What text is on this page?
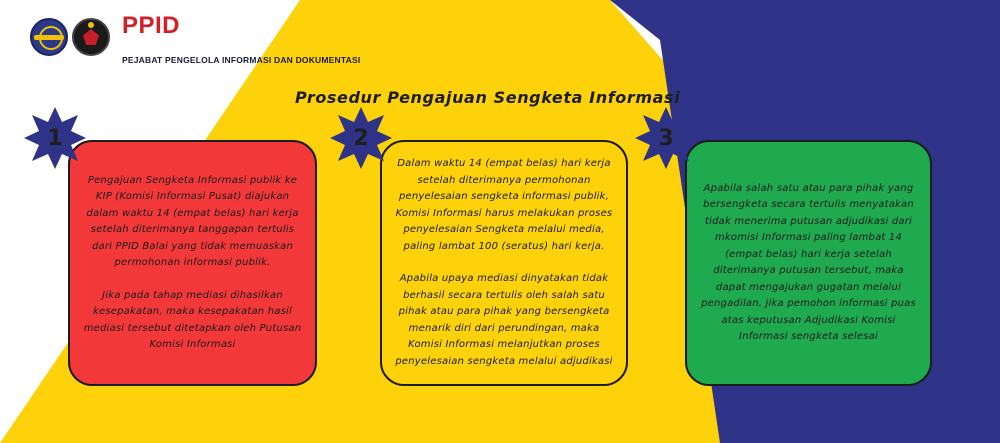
PPID
KANTOR UPP JUWANA
PEJABAT PENGELOLA INFORMASI DAN DOKUMENTASI
Prosedur Pengajuan Sengketa Informasi
Pengajuan Sengketa Informasi publik ke KIP (Komisi Informasi Pusat) diajukan dalam waktu 14 (empat belas) hari kerja setelah diterimanya tanggapan tertulis dari PPID Balai yang tidak memuaskan permohonan informasi publik.
Jika pada tahap mediasi dihasilkan kesepakatan, maka kesepakatan hasil mediasi tersebut ditetapkan oleh Putusan Komisi Informasi
1
Dalam waktu 14 (empat belas) hari kerja setelah diterimanya permohonan penyelesaian sengketa informasi publik, Komisi Informasi harus melakukan proses penyelesaian Sengketa melalui media, paling lambat 100 (seratus) hari kerja.
Apabila upaya mediasi dinyatakan tidak berhasil secara tertulis oleh salah satu pihak atau para pihak yang bersengketa menarik diri dari perundingan, maka Komisi Informasi melanjutkan proses penyelesaian sengketa melalui adjudikasi
2
Apabila salah satu atau para pihak yang bersengketa secara tertulis menyatakan tidak menerima putusan adjudikasi dari mkomisi Informasi paling lambat 14 (empat belas) hari kerja setelah diterimanya putusan tersebut, maka dapat mengajukan gugatan melalui pengadilan. jika pemohon informasi puas atas keputusan Adjudikasi Komisi Informasi sengketa selesai
3
